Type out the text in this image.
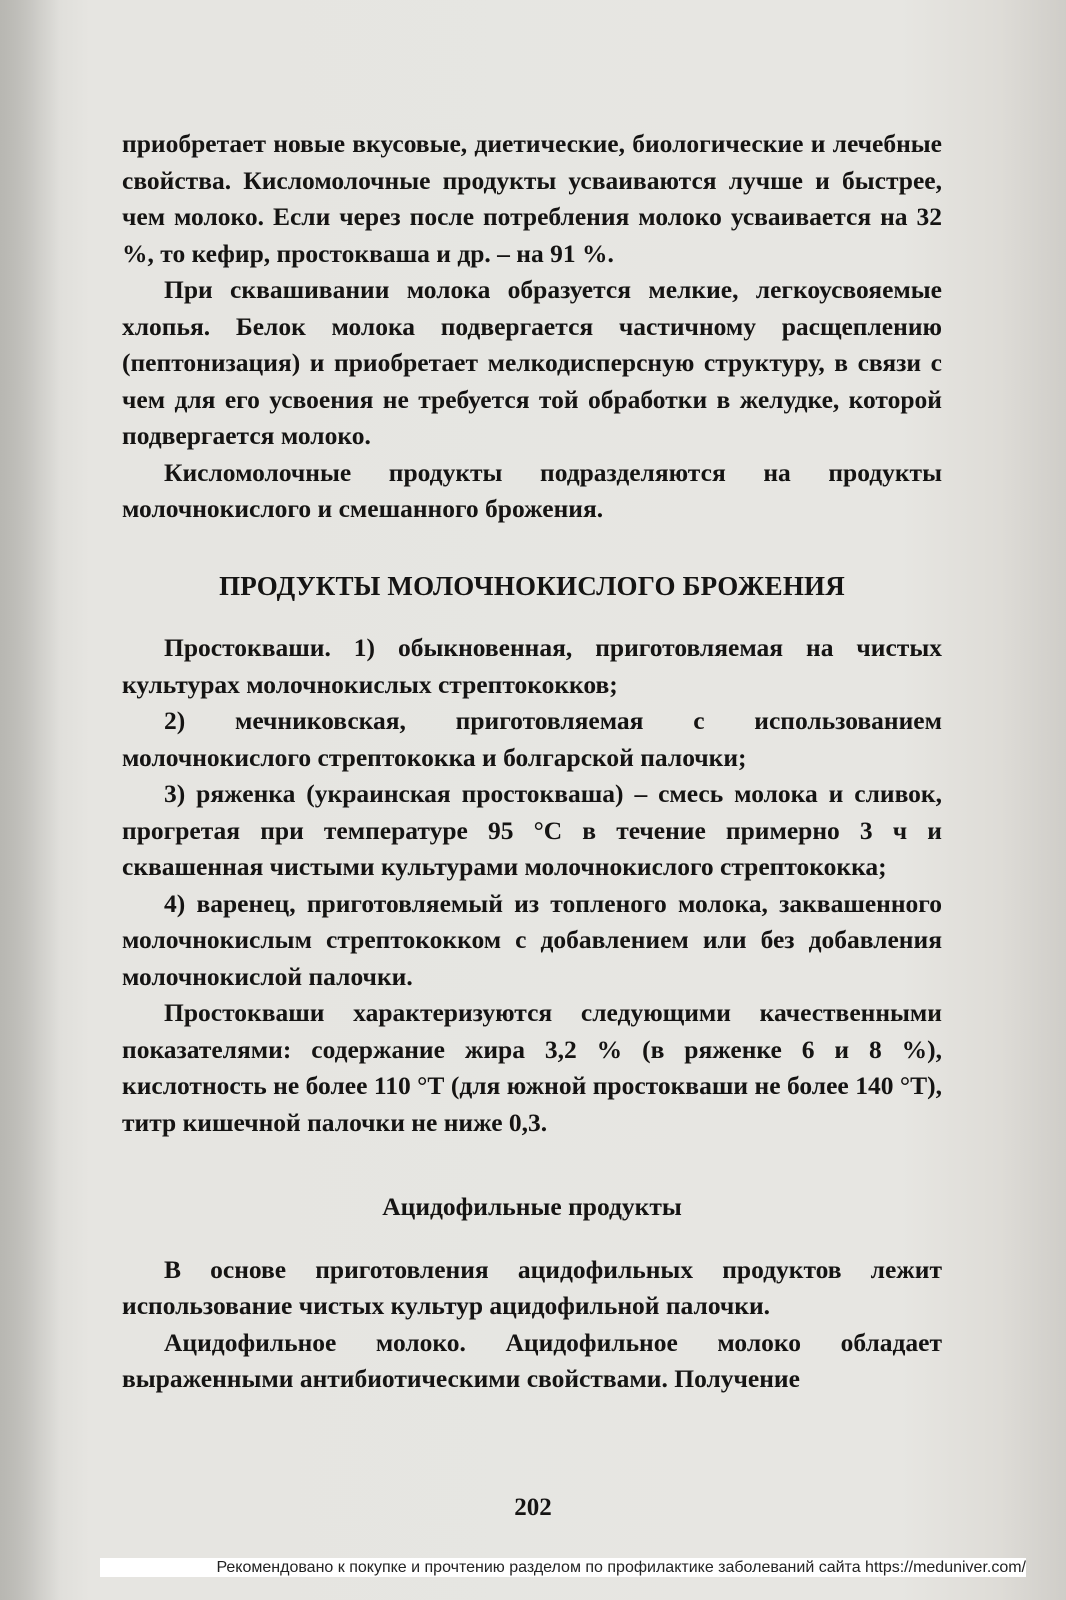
приобретает новые вкусовые, диетические, биологические и лечебные свойства. Кисломолочные продукты усваиваются лучше и быстрее, чем молоко. Если через после потребления молоко усваивается на 32 %, то кефир, простокваша и др. – на 91 %.

При сквашивании молока образуется мелкие, легкоусвояемые хлопья. Белок молока подвергается частичному расщеплению (пептонизация) и приобретает мелкодисперсную структуру, в связи с чем для его усвоения не требуется той обработки в желудке, которой подвергается молоко.

Кисломолочные продукты подразделяются на продукты молочнокислого и смешанного брожения.

ПРОДУКТЫ МОЛОЧНОКИСЛОГО БРОЖЕНИЯ

Простокваши. 1) обыкновенная, приготовляемая на чистых культурах молочнокислых стрептококков;

2) мечниковская, приготовляемая с использованием молочнокислого стрептококка и болгарской палочки;

3) ряженка (украинская простокваша) – смесь молока и сливок, прогретая при температуре 95 °С в течение примерно 3 ч и сквашенная чистыми культурами молочнокислого стрептококка;

4) варенец, приготовляемый из топленого молока, заквашенного молочнокислым стрептококком с добавлением или без добавления молочнокислой палочки.

Простокваши характеризуются следующими качественными показателями: содержание жира 3,2 % (в ряженке 6 и 8 %), кислотность не более 110 °Т (для южной простокваши не более 140 °Т), титр кишечной палочки не ниже 0,3.

Ацидофильные продукты

В основе приготовления ацидофильных продуктов лежит использование чистых культур ацидофильной палочки.

Ацидофильное молоко. Ацидофильное молоко обладает выраженными антибиотическими свойствами. Получение

202
Рекомендовано к покупке и прочтению разделом по профилактике заболеваний сайта https://meduniver.com/
